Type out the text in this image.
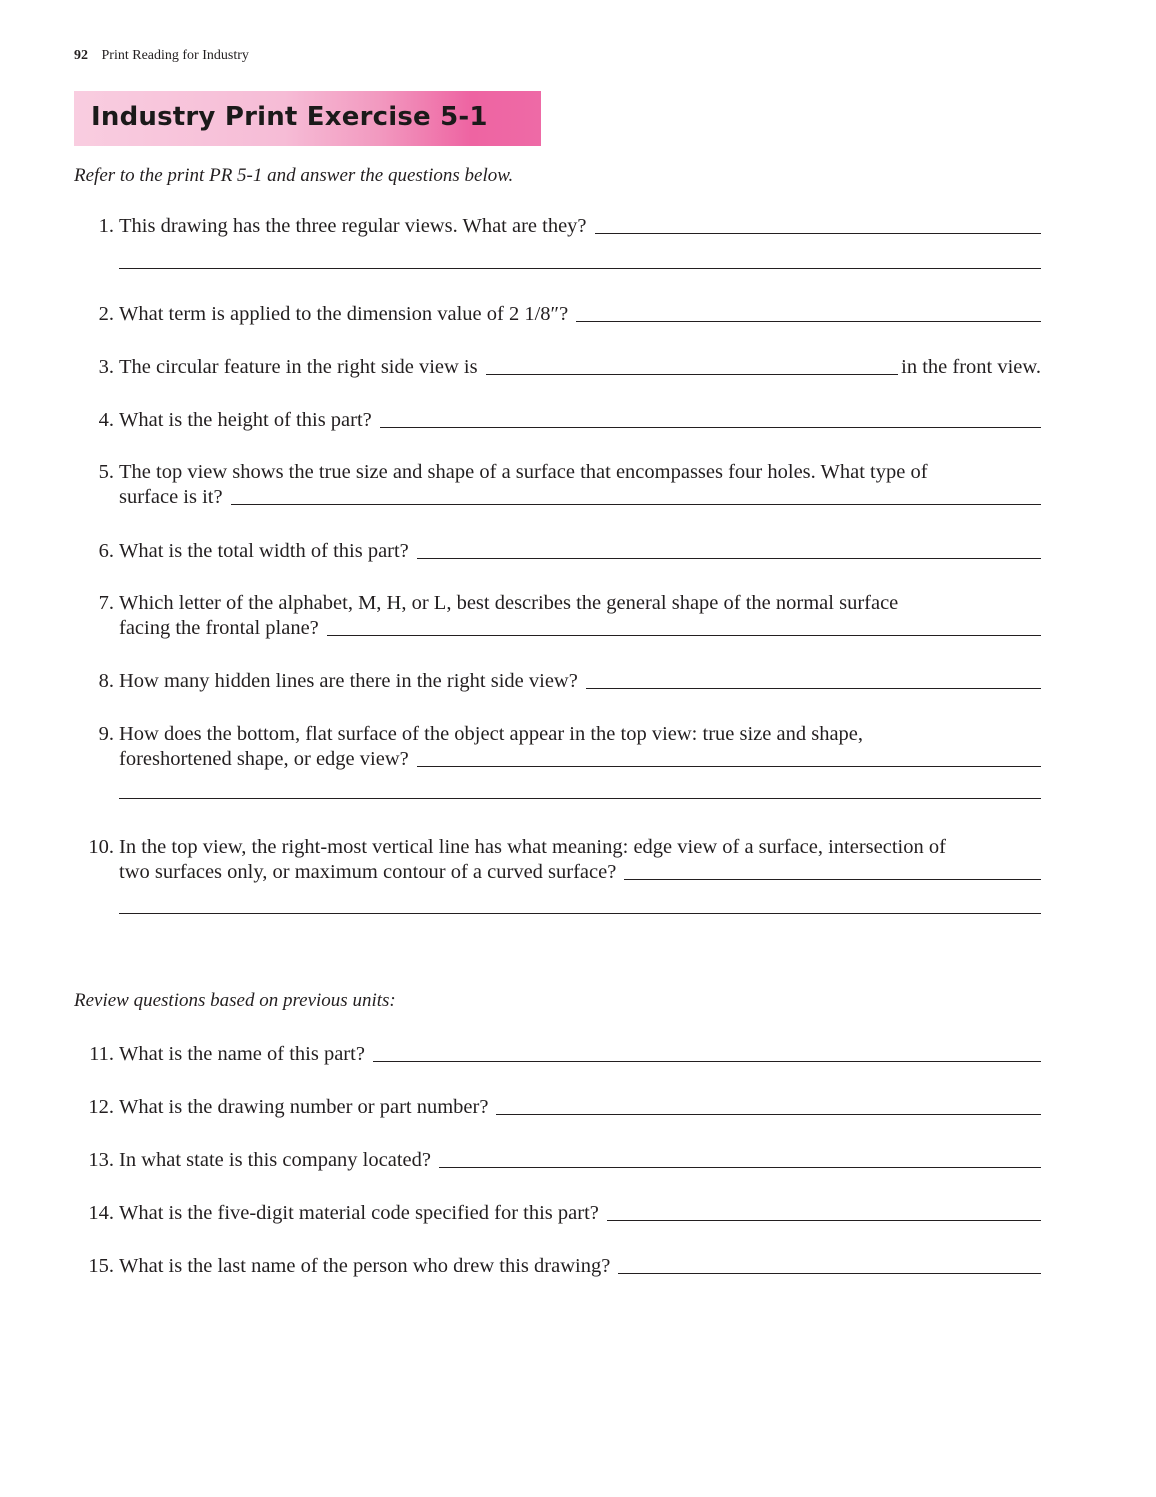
92 Print Reading for Industry
Industry Print Exercise 5-1
Refer to the print PR 5-1 and answer the questions below.
Review questions based on previous units:
1. This drawing has the three regular views. What are they?
2. What term is applied to the dimension value of 2 1/8″?
3. The circular feature in the right side view is	in the front view.
4. What is the height of this part?
5. The top view shows the true size and shape of a surface that encompasses four holes. What type of
surface is it?
6. What is the total width of this part?
7. Which letter of the alphabet, M, H, or L, best describes the general shape of the normal surface
facing the frontal plane?
8. How many hidden lines are there in the right side view?
9. How does the bottom, flat surface of the object appear in the top view: true size and shape,
foreshortened shape, or edge view?
10. In the top view, the right-most vertical line has what meaning: edge view of a surface, intersection of
two surfaces only, or maximum contour of a curved surface?
11. What is the name of this part?
12. What is the drawing number or part number?
13. In what state is this company located?
14. What is the five-digit material code specified for this part?
15. What is the last name of the person who drew this drawing?
